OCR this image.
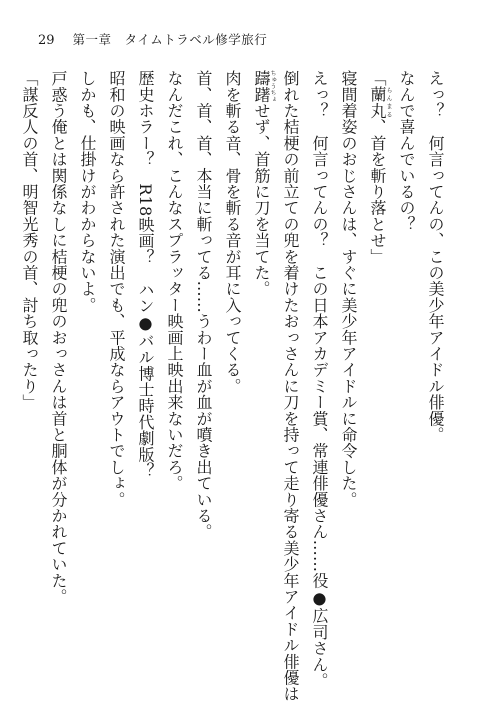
29 第一章　タイムトラベル修学旅行
えっ？　何言ってんの、この美少年アイドル俳優。
なんで喜んでいるの？
「蘭丸らんまる、首を斬り落とせ」
寝間着姿のおじさんは、すぐに美少年アイドルに命令した。
えっ？　何言ってんの？　この日本アカデミー賞、常連俳優さん……役●広司さん。
倒れた桔梗の前立ての兜を着けたおっさんに刀を持って走り寄る美少年アイドル俳優は
躊躇ちゅうちょせず、首筋に刀を当てた。
肉を斬る音、骨を斬る音が耳に入ってくる。
首、首、首、本当に斬ってる……うわー血が血が噴き出ている。
なんだこれ、こんなスプラッター映画上映出来ないだろ。
歴史ホラー？　R18映画？　ハン●バル博士時代劇版？
昭和の映画なら許された演出でも、平成ならアウトでしょ。
しかも、仕掛けがわからないよ。
戸惑う俺とは関係なしに桔梗の兜のおっさんは首と胴体が分かれていた。
「謀反人の首、明智光秀の首、討ち取ったり」
